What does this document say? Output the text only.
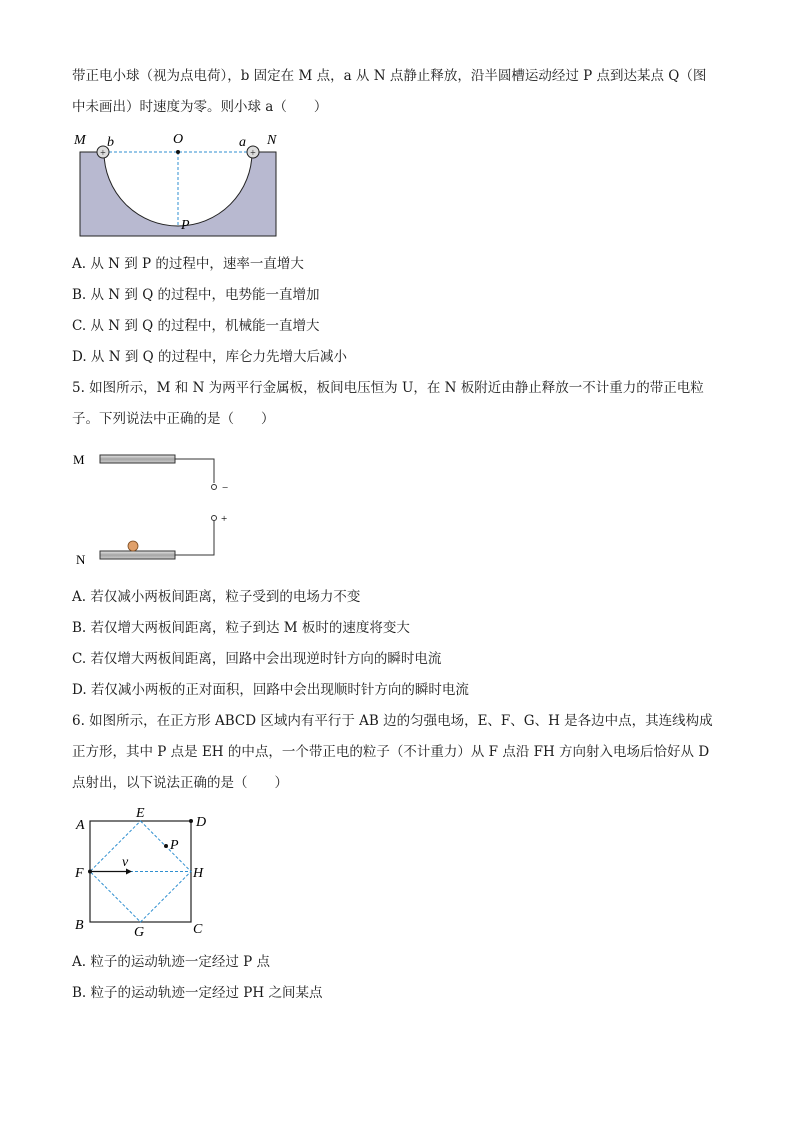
带正电小球（视为点电荷），b 固定在 M 点，a 从 N 点静止释放，沿半圆槽运动经过 P 点到达某点 Q（图
中未画出）时速度为零。则小球 a（　　）
+	+
M b	O	a N
P
A. 从 N 到 P 的过程中，速率一直增大
B. 从 N 到 Q 的过程中，电势能一直增加
C. 从 N 到 Q 的过程中，机械能一直增大
D. 从 N 到 Q 的过程中，库仑力先增大后减小
5. 如图所示，M 和 N 为两平行金属板，板间电压恒为 U，在 N 板附近由静止释放一不计重力的带正电粒
子。下列说法中正确的是（　　）
M
N
−
+
A. 若仅减小两板间距离，粒子受到的电场力不变
B. 若仅增大两板间距离，粒子到达 M 板时的速度将变大
C. 若仅增大两板间距离，回路中会出现逆时针方向的瞬时电流
D. 若仅减小两板的正对面积，回路中会出现顺时针方向的瞬时电流
6. 如图所示，在正方形 ABCD 区域内有平行于 AB 边的匀强电场，E、F、G、H 是各边中点，其连线构成
正方形，其中 P 点是 EH 的中点，一个带正电的粒子（不计重力）从 F 点沿 FH 方向射入电场后恰好从 D
点射出，以下说法正确的是（　　）
A
B	C
D
E
F
G
H
P
v
A. 粒子的运动轨迹一定经过 P 点
B. 粒子的运动轨迹一定经过 PH 之间某点
